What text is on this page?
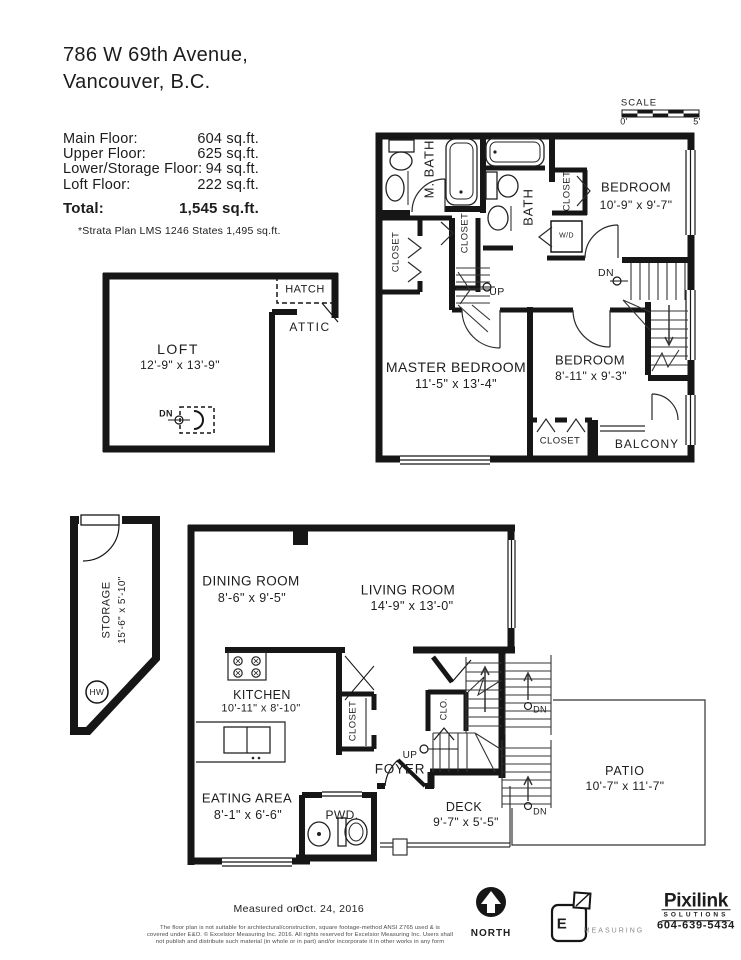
786 W 69th Avenue,
Vancouver, B.C.
Main Floor:	604 sq.ft.
Upper Floor:	625 sq.ft.
Lower/Storage Floor: 94 sq.ft.
Loft Floor:	222 sq.ft.
Total:	1,545 sq.ft.
*Strata Plan LMS 1246 States 1,495 sq.ft.
SCALE
0'	5'
M. BATH
BATH
CLOSET	CLOSET
CLOSET
W/D
BEDROOM
10'-9" x 9'-7"
UP
DN
MASTER BEDROOM
11'-5" x 13'-4"
BEDROOM
8'-11" x 9'-3"
CLOSET	BALCONY
LOFT
12'-9" x 13'-9"
HATCH
ATTIC
DN
STORAGE 15'-6" x 5'-10"
HW
DINING ROOM
8'-6" x 9'-5"
LIVING ROOM
14'-9" x 13'-0"
KITCHEN
10'-11" x 8'-10"	CLOSET	CLO.
UP
FOYER
EATING AREA
8'-1" x 6'-6"	PWD.
DECK
9'-7" x 5'-5"
PATIO
10'-7" x 11'-7"
DN
DN
Measured on:
Oct. 24, 2016
The floor plan is not suitable for architectural/construction, square footage-method ANSI Z765 used & is
covered under E&O. © Excelsior Measuring Inc. 2016. All rights reserved for Excelsior Measuring Inc. Users shall
not publish and distribute such material (in whole or in part) and/or incorporate it in other works in any form
NORTH
E MEASURING
Pixilink
SOLUTIONS
604-639-5434
